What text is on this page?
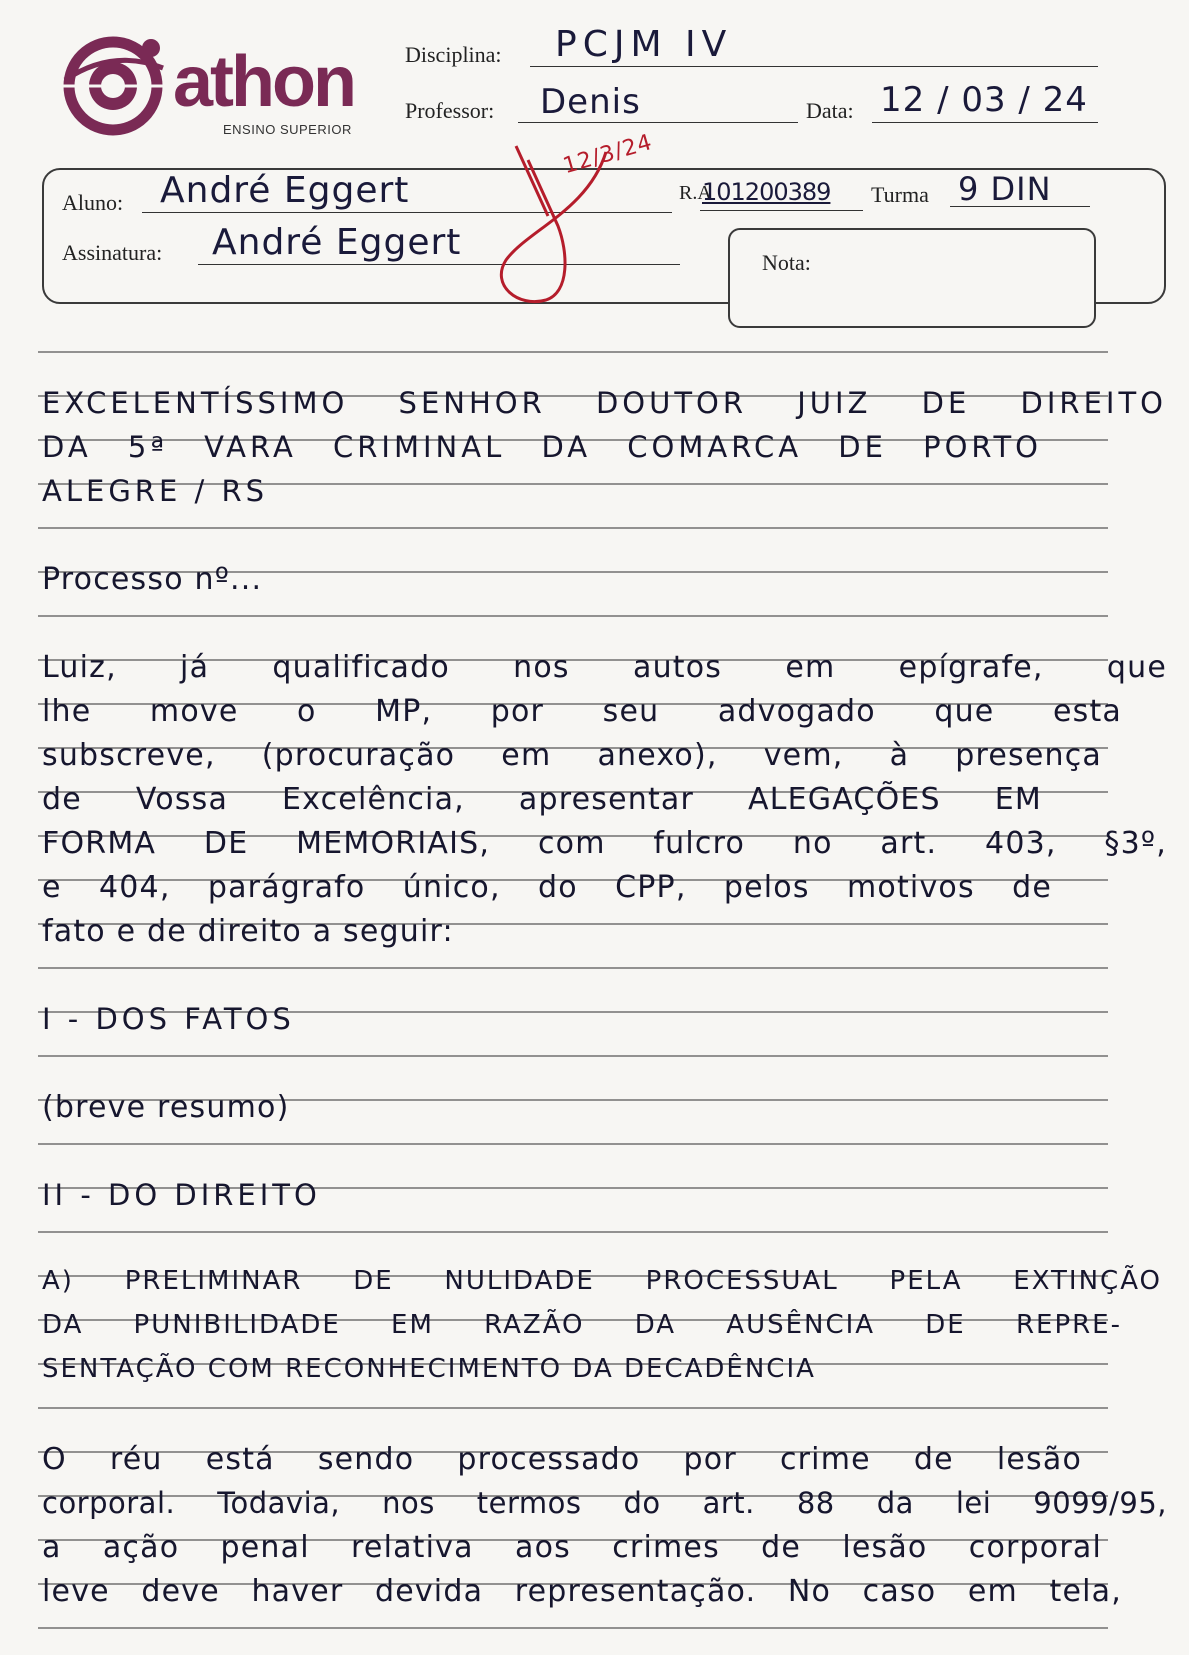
athon
ENSINO SUPERIOR
Disciplina: PCJM IV
Professor: Denis	Data: 12 / 03 / 24
Aluno: André Eggert
Assinatura: André Eggert
R.A
101200389 Turma 9 DIN
Nota:
12/3/24
EXCELENTÍSSIMO SENHOR DOUTOR JUIZ DE DIREITO
DA 5ª VARA CRIMINAL DA COMARCA DE PORTO
ALEGRE / RS
Processo nº...
Luiz, já qualificado nos autos em epígrafe, que
lhe move o MP, por seu advogado que esta
subscreve, (procuração em anexo), vem, à presença
de Vossa Excelência, apresentar ALEGAÇÕES EM
FORMA DE MEMORIAIS, com fulcro no art. 403, §3º,
e 404, parágrafo único, do CPP, pelos motivos de
fato e de direito a seguir:
I - DOS FATOS
(breve resumo)
II - DO DIREITO
A) PRELIMINAR DE NULIDADE PROCESSUAL PELA EXTINÇÃO
DA PUNIBILIDADE EM RAZÃO DA AUSÊNCIA DE REPRE-
SENTAÇÃO COM RECONHECIMENTO DA DECADÊNCIA
O réu está sendo processado por crime de lesão
corporal. Todavia, nos termos do art. 88 da lei 9099/95,
a ação penal relativa aos crimes de lesão corporal
leve deve haver devida representação. No caso em tela,
